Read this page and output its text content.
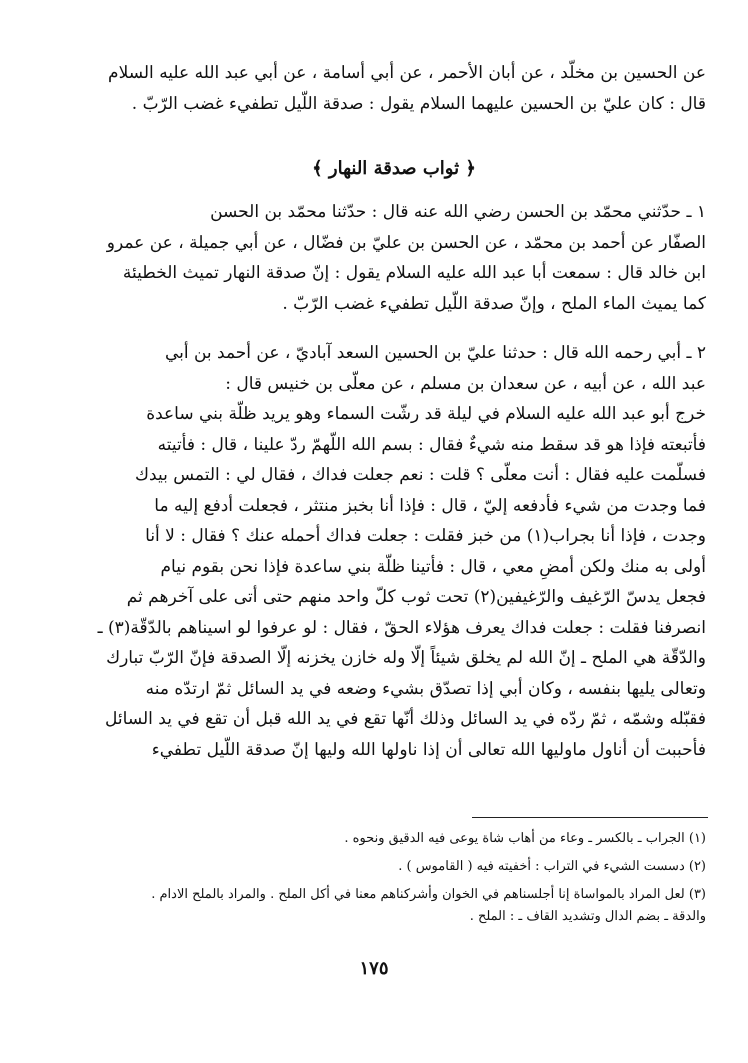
عن الحسين بن مخلّد ، عن أبان الأحمر ، عن أبي أسامة ، عن أبي عبد الله عليه السلام
قال : كان عليّ بن الحسين عليهما السلام يقول : صدقة اللّيل تطفيء غضب الرّبّ .
﴿ ثواب صدقة النهار ﴾
١ ـ حدّثني محمّد بن الحسن رضي الله عنه قال : حدّثنا محمّد بن الحسن
الصفّار عن أحمد بن محمّد ، عن الحسن بن عليّ بن فضّال ، عن أبي جميلة ، عن عمرو
ابن خالد قال : سمعت أبا عبد الله عليه السلام يقول : إنّ صدقة النهار تميث الخطيئة
كما يميث الماء الملح ، وإنّ صدقة اللّيل تطفيء غضب الرّبّ .
٢ ـ أبي رحمه الله قال : حدثنا عليّ بن الحسين السعد آباديّ ، عن أحمد بن أبي
عبد الله ، عن أبيه ، عن سعدان بن مسلم ، عن معلّى بن خنيس قال :
خرج أبو عبد الله عليه السلام في ليلة قد رشّت السماء وهو يريد ظلّة بني ساعدة
فأتبعته فإذا هو قد سقط منه شيءٌ فقال : بسم الله اللّهمّ ردّ علينا ، قال : فأتيته
فسلّمت عليه فقال : أنت معلّى ؟ قلت : نعم جعلت فداك ، فقال لي : التمس بيدك
فما وجدت من شيء فأدفعه إليّ ، قال : فإذا أنا بخبز منتثر ، فجعلت أدفع إليه ما
وجدت ، فإذا أنا بجراب(١) من خبز فقلت : جعلت فداك أحمله عنك ؟ فقال : لا أنا
أولى به منك ولكن أمضِ معي ، قال : فأتينا ظلّة بني ساعدة فإذا نحن بقوم نيام
فجعل يدسّ الرّغيف والرّغيفين(٢) تحت ثوب كلّ واحد منهم حتى أتى على آخرهم ثم
انصرفنا فقلت : جعلت فداك يعرف هؤلاء الحقّ ، فقال : لو عرفوا لو اسيناهم بالدّقّة(٣) ـ
والدّقّة هي الملح ـ إنّ الله لم يخلق شيئاً إلّا وله خازن يخزنه إلّا الصدقة فإنّ الرّبّ تبارك
وتعالى يليها بنفسه ، وكان أبي إذا تصدّق بشيء وضعه في يد السائل ثمّ ارتدّه منه
فقبّله وشمّه ، ثمّ ردّه في يد السائل وذلك أنّها تقع في يد الله قبل أن تقع في يد السائل
فأحببت أن أناول ماوليها الله تعالى أن إذا ناولها الله وليها إنّ صدقة اللّيل تطفيء
(١) الجراب ـ بالكسر ـ وعاء من أهاب شاة يوعى فيه الدقيق ونحوه .
(٢) دسست الشيء في التراب : أخفيته فيه ( القاموس ) .
(٣) لعل المراد بالمواساة إنا أجلسناهم في الخوان وأشركناهم معنا في أكل الملح . والمراد بالملح الادام .
والدقة ـ بضم الدال وتشديد القاف ـ : الملح .
١٧٥
